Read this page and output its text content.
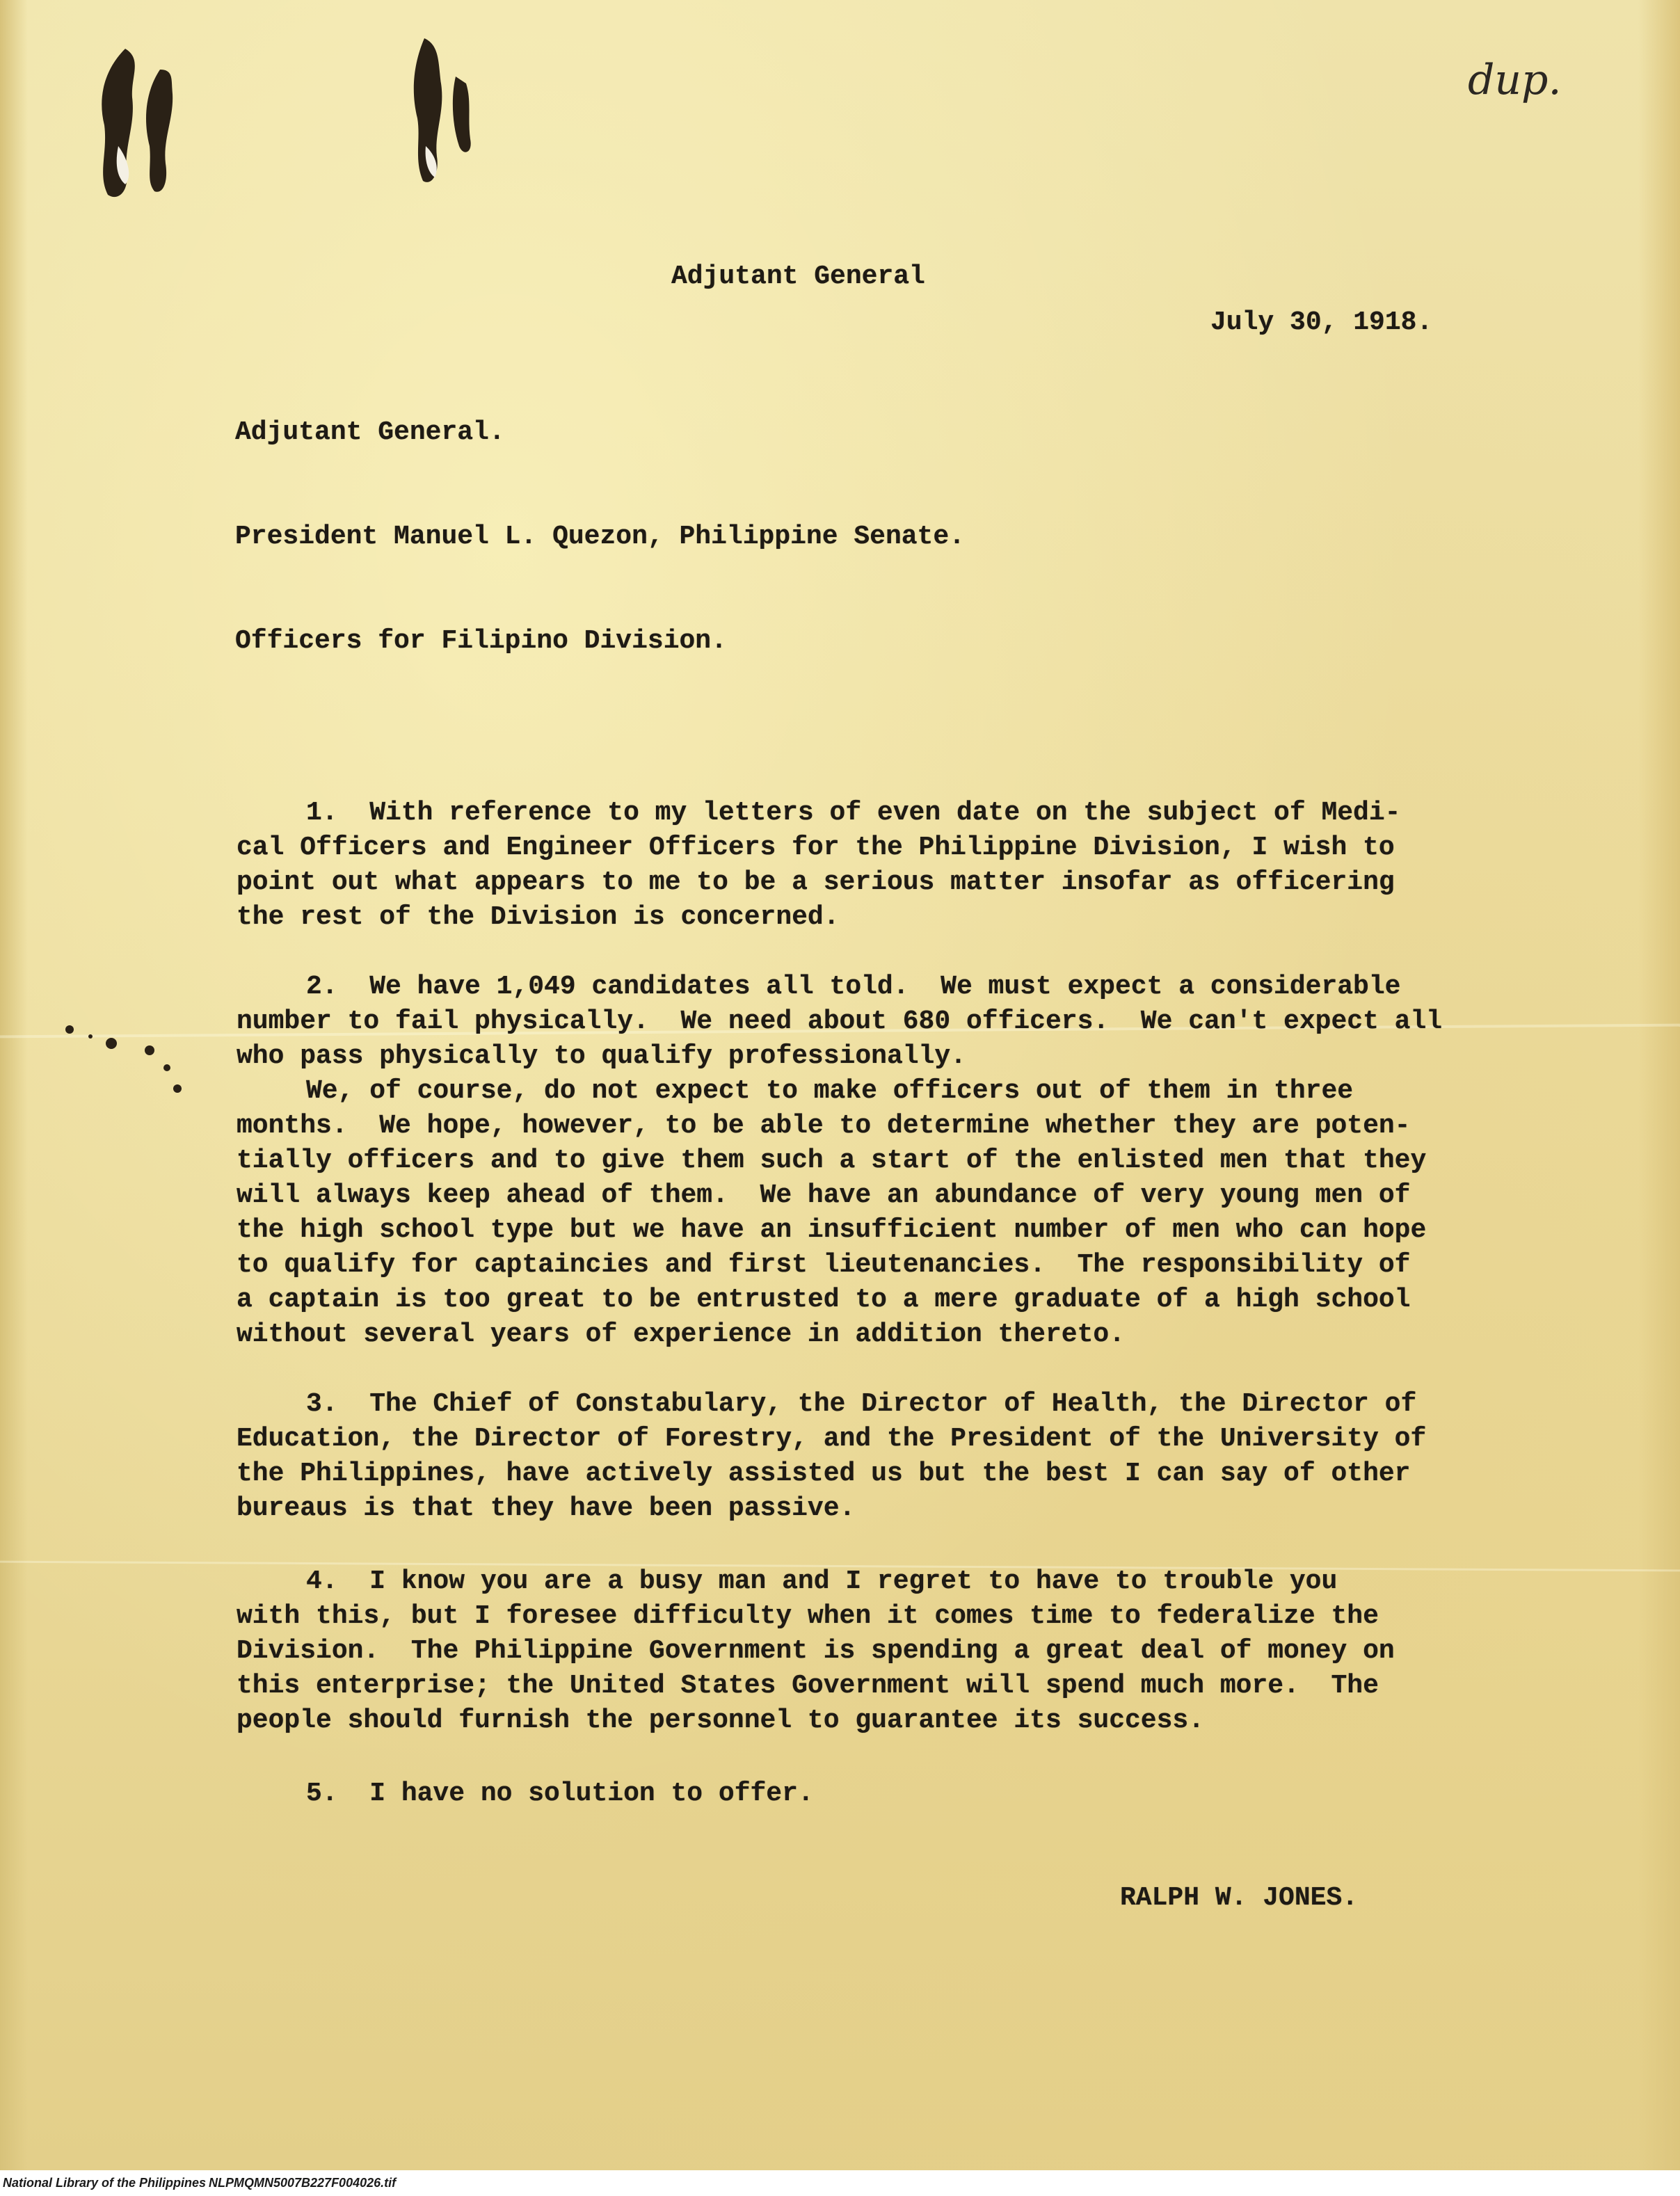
dup.

Adjutant General

July 30, 1918.

Adjutant General.

President Manuel L. Quezon, Philippine Senate.

Officers for Filipino Division.

1.  With reference to my letters of even date on the subject of Medi-

cal Officers and Engineer Officers for the Philippine Division, I wish to

point out what appears to me to be a serious matter insofar as officering

the rest of the Division is concerned.

2.  We have 1,049 candidates all told.  We must expect a considerable

number to fail physically.  We need about 680 officers.  We can't expect all

who pass physically to qualify professionally.

We, of course, do not expect to make officers out of them in three

months.  We hope, however, to be able to determine whether they are poten-

tially officers and to give them such a start of the enlisted men that they

will always keep ahead of them.  We have an abundance of very young men of

the high school type but we have an insufficient number of men who can hope

to qualify for captaincies and first lieutenancies.  The responsibility of

a captain is too great to be entrusted to a mere graduate of a high school

without several years of experience in addition thereto.

3.  The Chief of Constabulary, the Director of Health, the Director of

Education, the Director of Forestry, and the President of the University of

the Philippines, have actively assisted us but the best I can say of other

bureaus is that they have been passive.

4.  I know you are a busy man and I regret to have to trouble you

with this, but I foresee difficulty when it comes time to federalize the

Division.  The Philippine Government is spending a great deal of money on

this enterprise; the United States Government will spend much more.  The

people should furnish the personnel to guarantee its success.

5.  I have no solution to offer.

RALPH W. JONES.

National Library of the Philippines NLPMQMN5007B227F004026.tif
